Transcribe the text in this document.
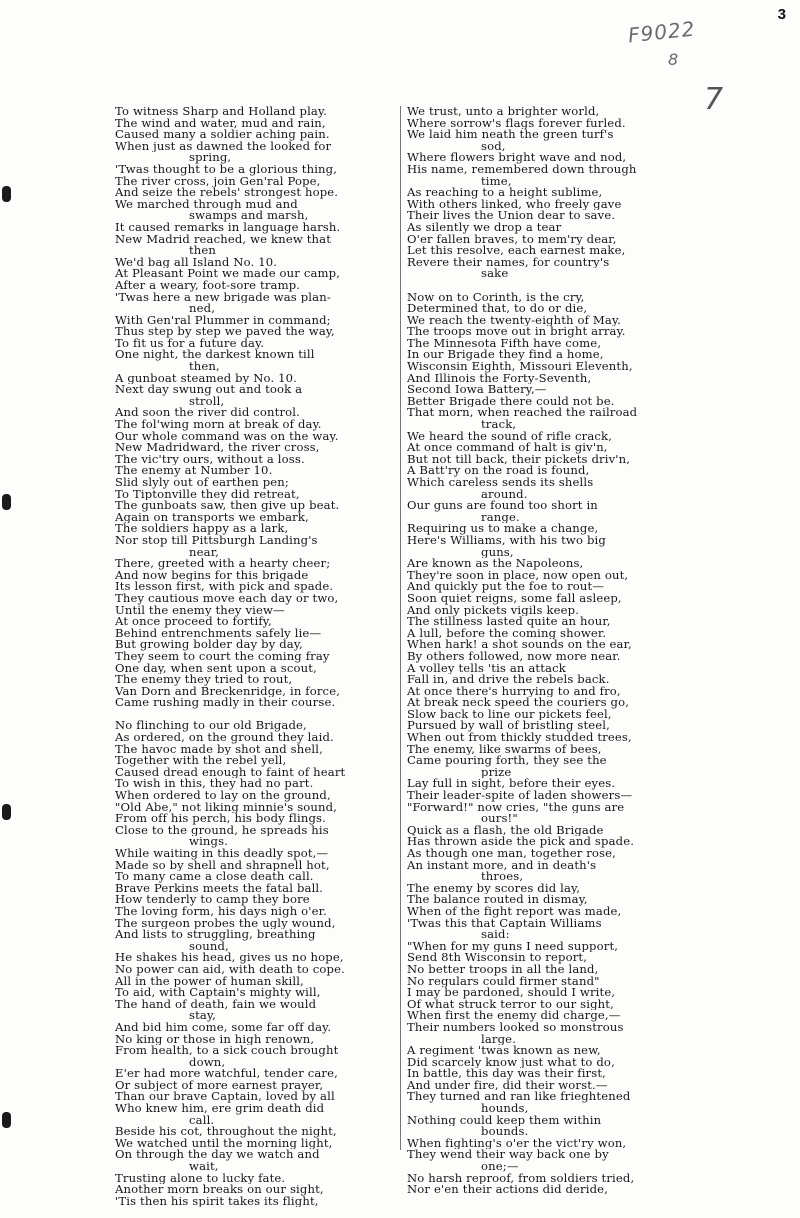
3
F9022
8
7
To witness Sharp and Holland play.
The wind and water, mud and rain,
Caused many a soldier aching pain.
When just as dawned the looked for
spring,
'Twas thought to be a glorious thing,
The river cross, join Gen'ral Pope,
And seize the rebels' strongest hope.
We marched through mud and
swamps and marsh,
It caused remarks in language harsh.
New Madrid reached, we knew that
then
We'd bag all Island No. 10.
At Pleasant Point we made our camp,
After a weary, foot-sore tramp.
'Twas here a new brigade was plan-
ned,
With Gen'ral Plummer in command;
Thus step by step we paved the way,
To fit us for a future day.
One night, the darkest known till
then,
A gunboat steamed by No. 10.
Next day swung out and took a
stroll,
And soon the river did control.
The fol'wing morn at break of day.
Our whole command was on the way.
New Madridward, the river cross,
The vic'try ours, without a loss.
The enemy at Number 10.
Slid slyly out of earthen pen;
To Tiptonville they did retreat,
The gunboats saw, then give up beat.
Again on transports we embark,
The soldiers happy as a lark,
Nor stop till Pittsburgh Landing's
near,
There, greeted with a hearty cheer;
And now begins for this brigade
Its lesson first, with pick and spade.
They cautious move each day or two,
Until the enemy they view—
At once proceed to fortify,
Behind entrenchments safely lie—
But growing bolder day by day,
They seem to court the coming fray
One day, when sent upon a scout,
The enemy they tried to rout,
Van Dorn and Breckenridge, in force,
Came rushing madly in their course.
No flinching to our old Brigade,
As ordered, on the ground they laid.
The havoc made by shot and shell,
Together with the rebel yell,
Caused dread enough to faint of heart
To wish in this, they had no part.
When ordered to lay on the ground,
"Old Abe," not liking minnie's sound,
From off his perch, his body flings.
Close to the ground, he spreads his
wings.
While waiting in this deadly spot,—
Made so by shell and shrapnell hot,
To many came a close death call.
Brave Perkins meets the fatal ball.
How tenderly to camp they bore
The loving form, his days nigh o'er.
The surgeon probes the ugly wound,
And lists to struggling, breathing
sound,
He shakes his head, gives us no hope,
No power can aid, with death to cope.
All in the power of human skill,
To aid, with Captain's mighty will,
The hand of death, fain we would
stay,
And bid him come, some far off day.
No king or those in high renown,
From health, to a sick couch brought
down,
E'er had more watchful, tender care,
Or subject of more earnest prayer,
Than our brave Captain, loved by all
Who knew him, ere grim death did
call.
Beside his cot, throughout the night,
We watched until the morning light,
On through the day we watch and
wait,
Trusting alone to lucky fate.
Another morn breaks on our sight,
'Tis then his spirit takes its flight,
We trust, unto a brighter world,
Where sorrow's flags forever furled.
We laid him neath the green turf's
sod,
Where flowers bright wave and nod,
His name, remembered down through
time,
As reaching to a height sublime,
With others linked, who freely gave
Their lives the Union dear to save.
As silently we drop a tear
O'er fallen braves, to mem'ry dear,
Let this resolve, each earnest make,
Revere their names, for country's
sake
Now on to Corinth, is the cry,
Determined that, to do or die,
We reach the twenty-eighth of May.
The troops move out in bright array.
The Minnesota Fifth have come,
In our Brigade they find a home,
Wisconsin Eighth, Missouri Eleventh,
And Illinois the Forty-Seventh,
Second Iowa Battery,—
Better Brigade there could not be.
That morn, when reached the railroad
track,
We heard the sound of rifle crack,
At once command of halt is giv'n,
But not till back, their pickets driv'n,
A Batt'ry on the road is found,
Which careless sends its shells
around.
Our guns are found too short in
range.
Requiring us to make a change,
Here's Williams, with his two big
guns,
Are known as the Napoleons,
They're soon in place, now open out,
And quickly put the foe to rout—
Soon quiet reigns, some fall asleep,
And only pickets vigils keep.
The stillness lasted quite an hour,
A lull, before the coming shower.
When hark! a shot sounds on the ear,
By others followed, now more near.
A volley tells 'tis an attack
Fall in, and drive the rebels back.
At once there's hurrying to and fro,
At break neck speed the couriers go,
Slow back to line our pickets feel,
Pursued by wall of bristling steel,
When out from thickly studded trees,
The enemy, like swarms of bees,
Came pouring forth, they see the
prize
Lay full in sight, before their eyes.
Their leader-spite of laden showers—
"Forward!" now cries, "the guns are
ours!"
Quick as a flash, the old Brigade
Has thrown aside the pick and spade.
As though one man, together rose,
An instant more, and in death's
throes,
The enemy by scores did lay,
The balance routed in dismay,
When of the fight report was made,
'Twas this that Captain Williams
said:
"When for my guns I need support,
Send 8th Wisconsin to report,
No better troops in all the land,
No regulars could firmer stand"
I may be pardoned, should I write,
Of what struck terror to our sight,
When first the enemy did charge,—
Their numbers looked so monstrous
large.
A regiment 'twas known as new,
Did scarcely know just what to do,
In battle, this day was their first,
And under fire, did their worst.—
They turned and ran like frieghtened
hounds,
Nothing could keep them within
bounds.
When fighting's o'er the vict'ry won,
They wend their way back one by
one;—
No harsh reproof, from soldiers tried,
Nor e'en their actions did deride,
